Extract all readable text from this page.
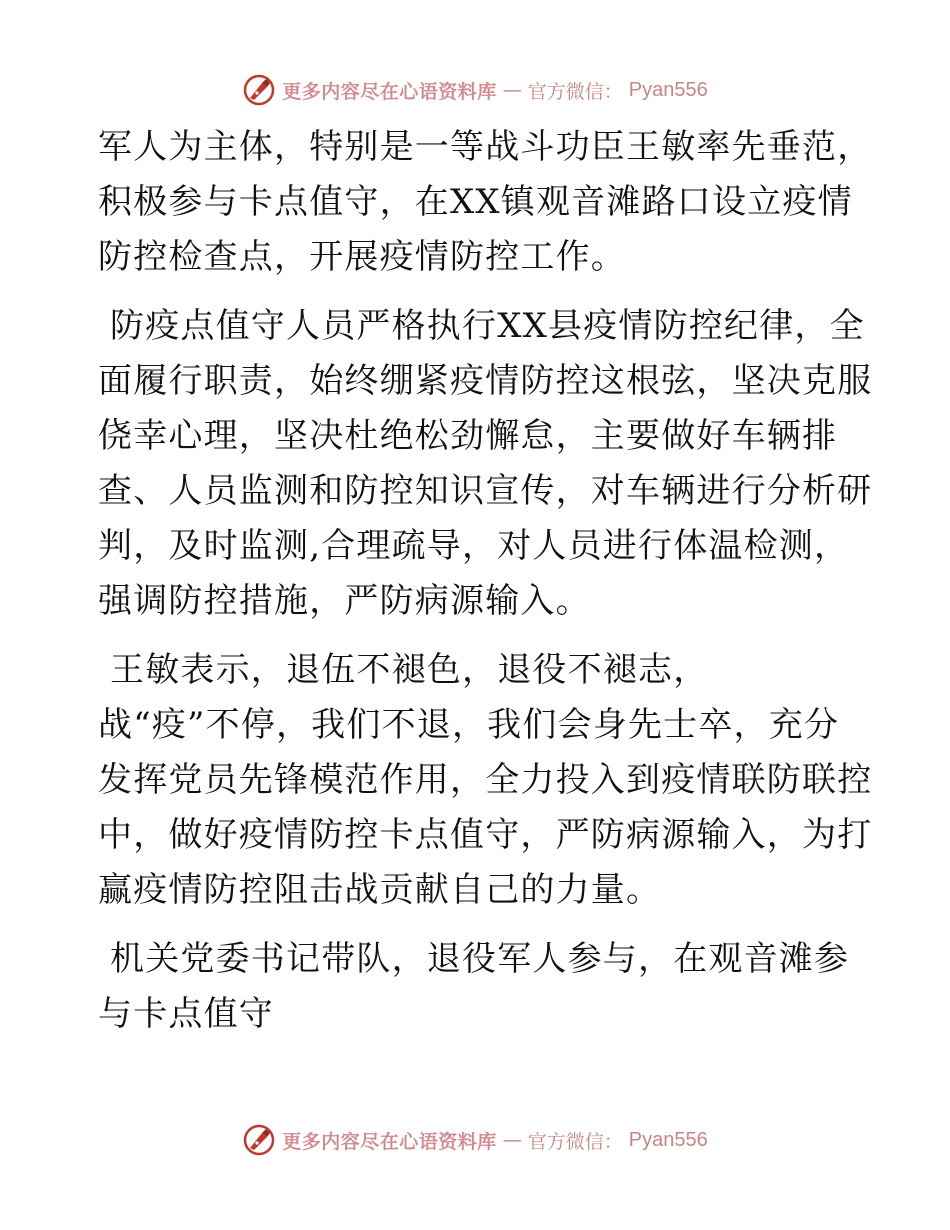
更多内容尽在心语资料库 — 官方微信： Pyan556

军人为主体，特别是一等战斗功臣王敏率先垂范，
积极参与卡点值守，在XX镇观音滩路口设立疫情
防控检查点，开展疫情防控工作。

防疫点值守人员严格执行XX县疫情防控纪律，全
面履行职责，始终绷紧疫情防控这根弦，坚决克服
侥幸心理，坚决杜绝松劲懈怠，主要做好车辆排
查、人员监测和防控知识宣传，对车辆进行分析研
判，及时监测,合理疏导，对人员进行体温检测，
强调防控措施，严防病源输入。

王敏表示，退伍不褪色，退役不褪志，
战“疫”不停，我们不退，我们会身先士卒，充分
发挥党员先锋模范作用，全力投入到疫情联防联控
中，做好疫情防控卡点值守，严防病源输入，为打
赢疫情防控阻击战贡献自己的力量。

机关党委书记带队，退役军人参与，在观音滩参
与卡点值守

更多内容尽在心语资料库 — 官方微信： Pyan556
